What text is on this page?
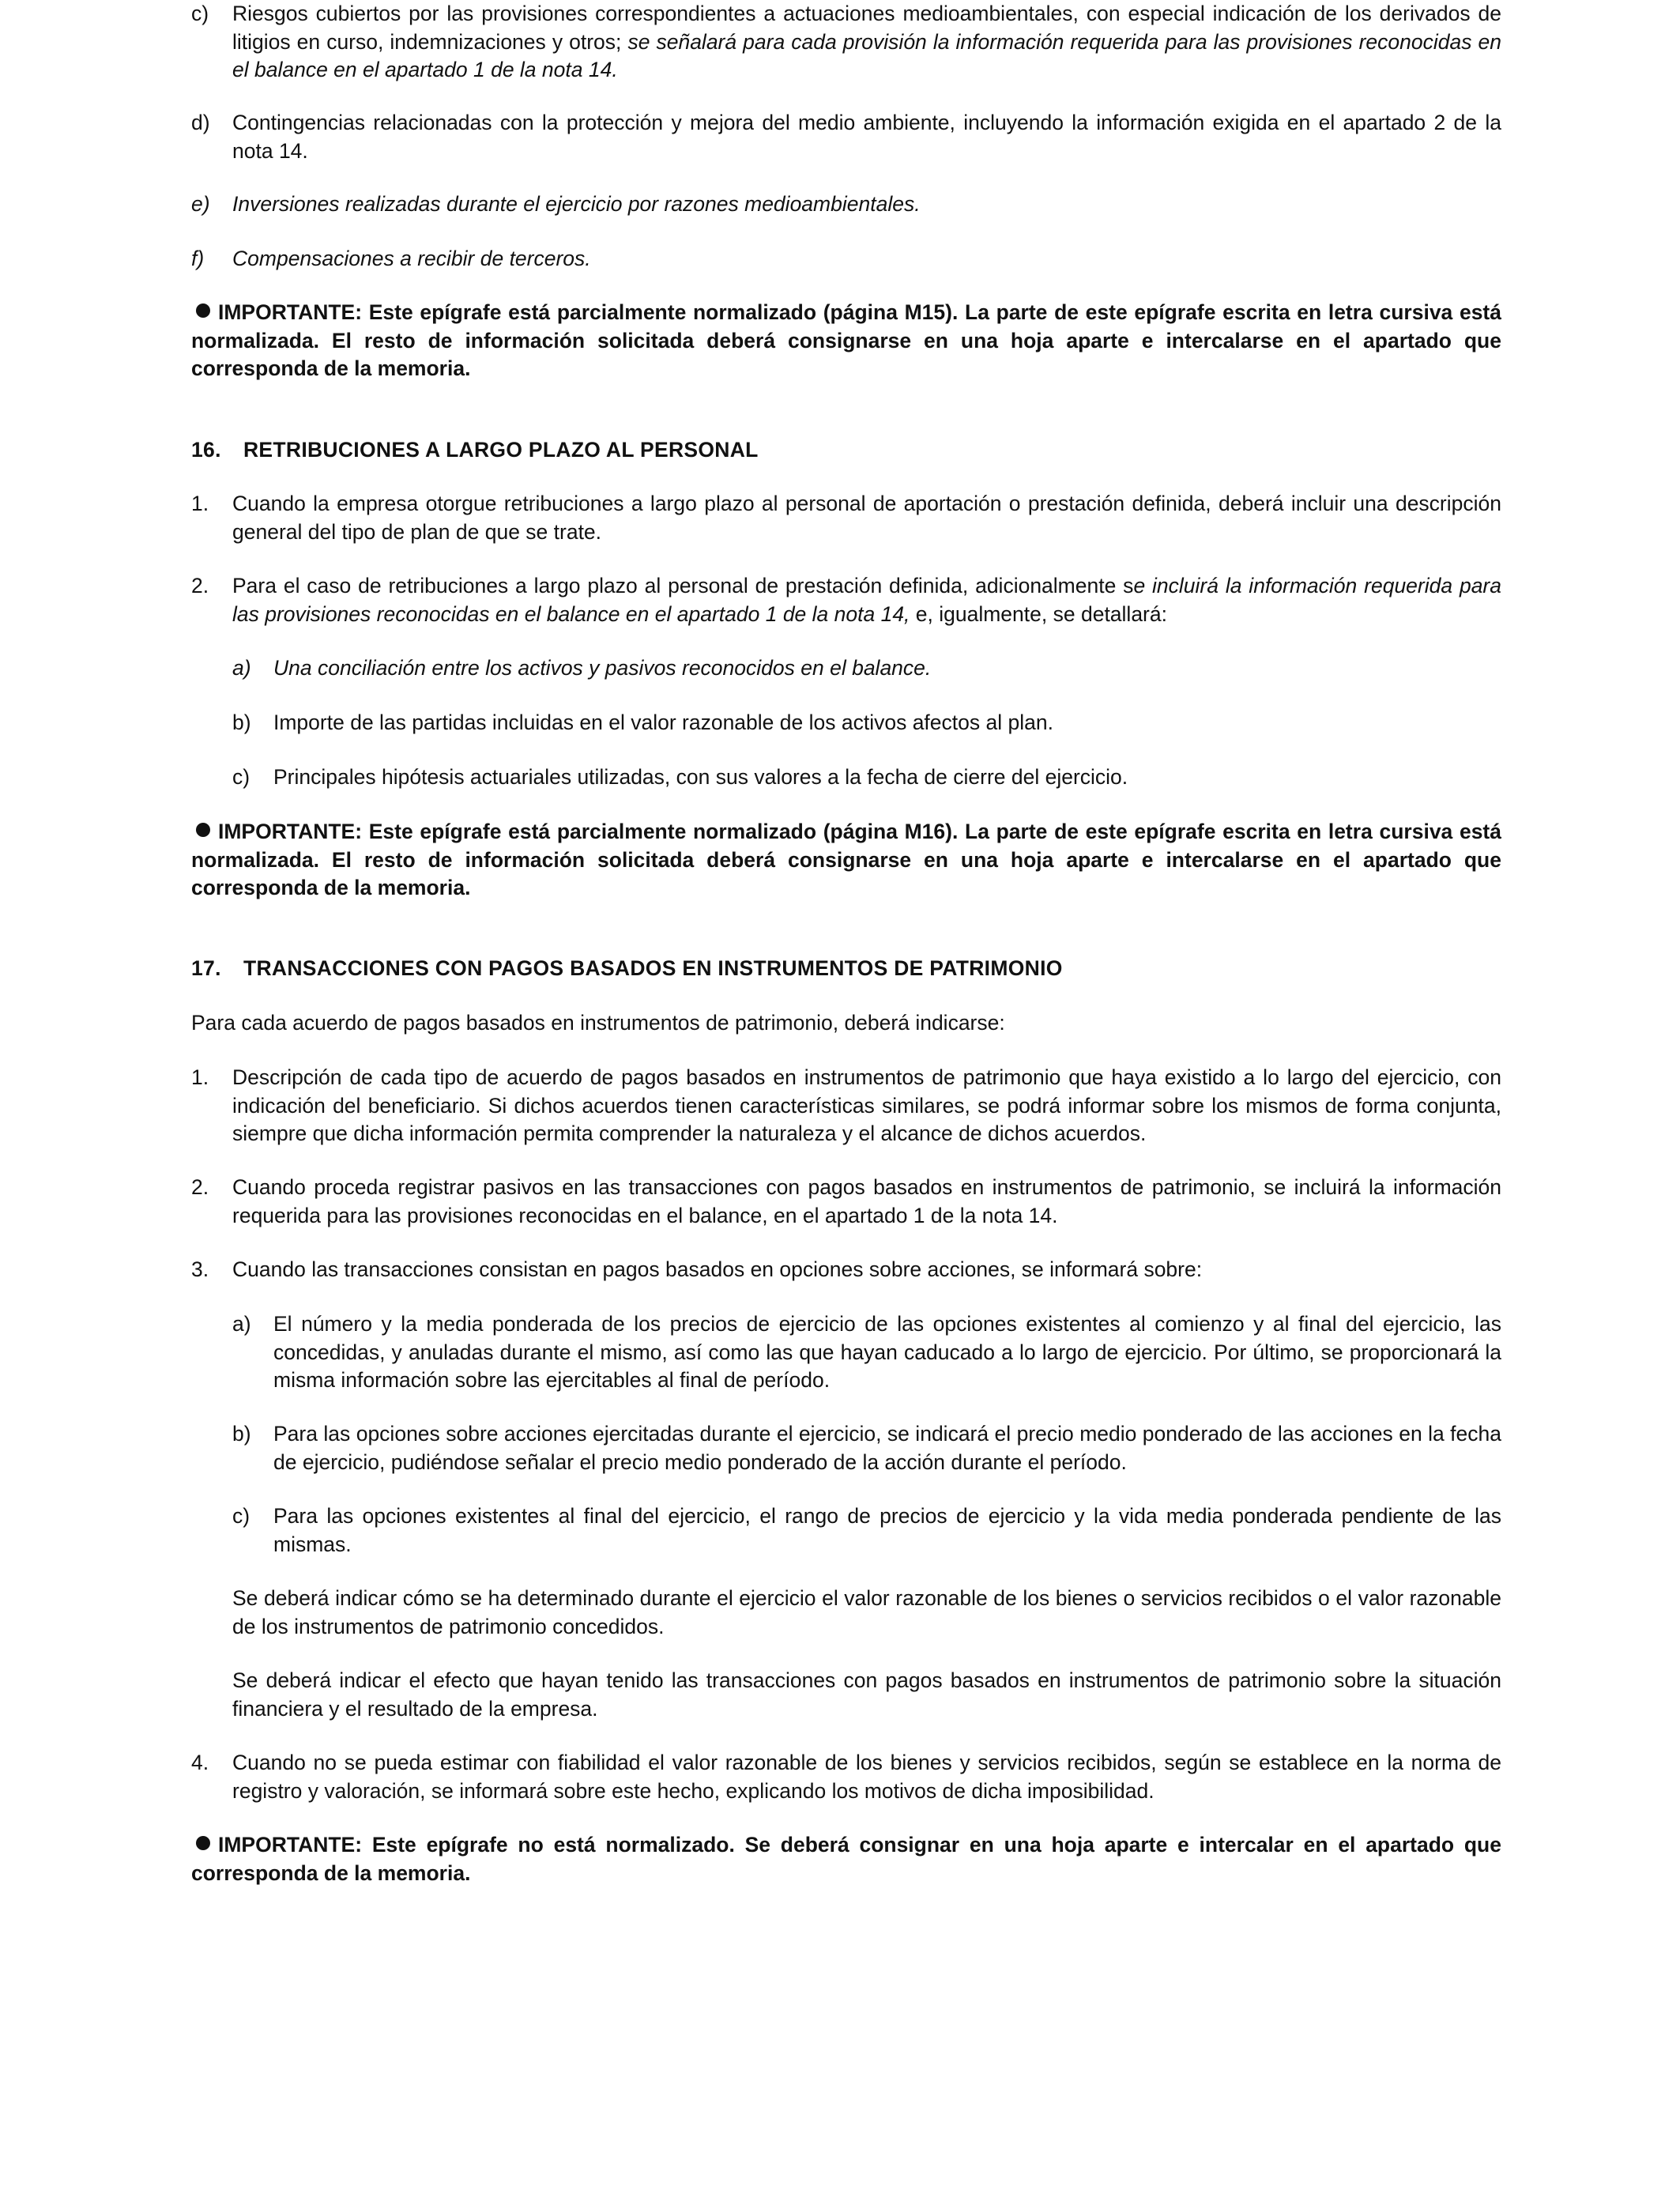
c)	Riesgos cubiertos por las provisiones correspondientes a actuaciones medioambientales, con especial indicación de los derivados de litigios en curso, indemnizaciones y otros; se señalará para cada provisión la información requerida para las provisiones reconocidas en el balance en el apartado 1 de la nota 14.
d)	Contingencias relacionadas con la protección y mejora del medio ambiente, incluyendo la información exigida en el apartado 2 de la nota 14.
e)	Inversiones realizadas durante el ejercicio por razones medioambientales.
f)	Compensaciones a recibir de terceros.
IMPORTANTE: Este epígrafe está parcialmente normalizado (página M15). La parte de este epígrafe escrita en letra cursiva está normalizada. El resto de información solicitada deberá consignarse en una hoja aparte e intercalarse en el apartado que corresponda de la memoria.
16. RETRIBUCIONES A LARGO PLAZO AL PERSONAL
1.	Cuando la empresa otorgue retribuciones a largo plazo al personal de aportación o prestación definida, deberá incluir una descripción general del tipo de plan de que se trate.
2.	Para el caso de retribuciones a largo plazo al personal de prestación definida, adicionalmente se incluirá la información requerida para las provisiones reconocidas en el balance en el apartado 1 de la nota 14, e, igualmente, se detallará:
a)	Una conciliación entre los activos y pasivos reconocidos en el balance.
b)	Importe de las partidas incluidas en el valor razonable de los activos afectos al plan.
c)	Principales hipótesis actuariales utilizadas, con sus valores a la fecha de cierre del ejercicio.
IMPORTANTE: Este epígrafe está parcialmente normalizado (página M16). La parte de este epígrafe escrita en letra cursiva está normalizada. El resto de información solicitada deberá consignarse en una hoja aparte e intercalarse en el apartado que corresponda de la memoria.
17. TRANSACCIONES CON PAGOS BASADOS EN INSTRUMENTOS DE PATRIMONIO
Para cada acuerdo de pagos basados en instrumentos de patrimonio, deberá indicarse:
1.	Descripción de cada tipo de acuerdo de pagos basados en instrumentos de patrimonio que haya existido a lo largo del ejercicio, con indicación del beneficiario. Si dichos acuerdos tienen características similares, se podrá informar sobre los mismos de forma conjunta, siempre que dicha información permita comprender la naturaleza y el alcance de dichos acuerdos.
2.	Cuando proceda registrar pasivos en las transacciones con pagos basados en instrumentos de patrimonio, se incluirá la información requerida para las provisiones reconocidas en el balance, en el apartado 1 de la nota 14.
3.	Cuando las transacciones consistan en pagos basados en opciones sobre acciones, se informará sobre:
a)	El número y la media ponderada de los precios de ejercicio de las opciones existentes al comienzo y al final del ejercicio, las concedidas, y anuladas durante el mismo, así como las que hayan caducado a lo largo de ejercicio. Por último, se proporcionará la misma información sobre las ejercitables al final de período.
b)	Para las opciones sobre acciones ejercitadas durante el ejercicio, se indicará el precio medio ponderado de las acciones en la fecha de ejercicio, pudiéndose señalar el precio medio ponderado de la acción durante el período.
c)	Para las opciones existentes al final del ejercicio, el rango de precios de ejercicio y la vida media ponderada pendiente de las mismas.
Se deberá indicar cómo se ha determinado durante el ejercicio el valor razonable de los bienes o servicios recibidos o el valor razonable de los instrumentos de patrimonio concedidos.
Se deberá indicar el efecto que hayan tenido las transacciones con pagos basados en instrumentos de patrimonio sobre la situación financiera y el resultado de la empresa.
4.	Cuando no se pueda estimar con fiabilidad el valor razonable de los bienes y servicios recibidos, según se establece en la norma de registro y valoración, se informará sobre este hecho, explicando los motivos de dicha imposibilidad.
IMPORTANTE: Este epígrafe no está normalizado. Se deberá consignar en una hoja aparte e intercalar en el apartado que corresponda de la memoria.
